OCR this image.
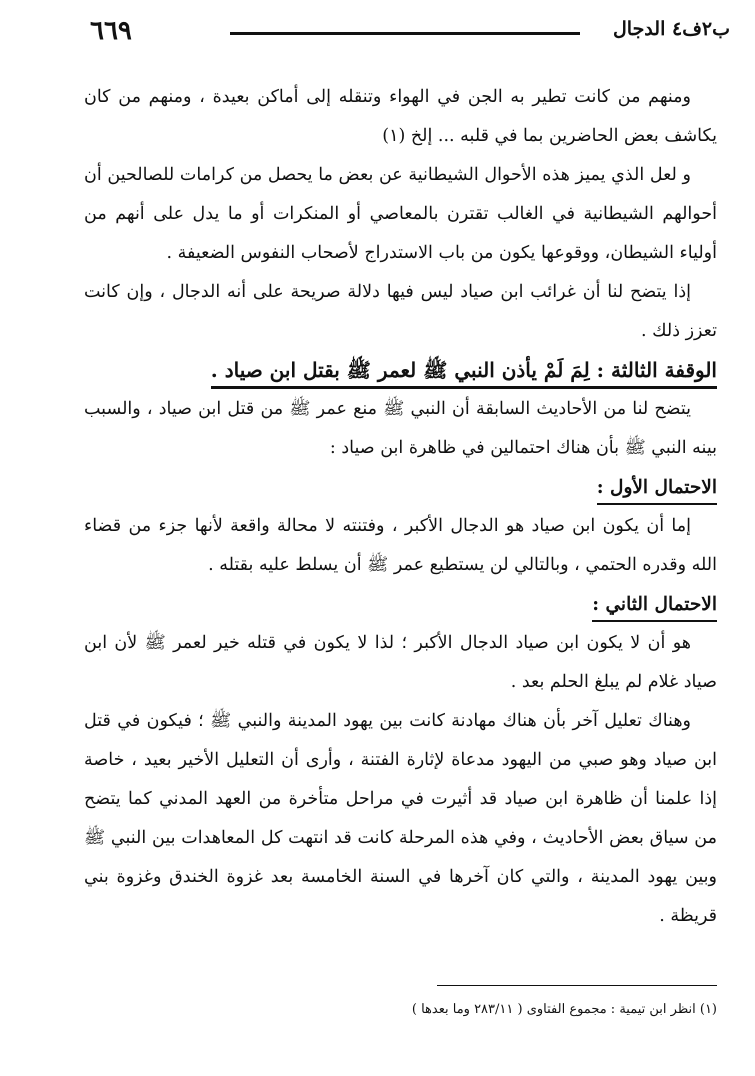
٦٦٩	ب٢ف٤ الدجال

ومنهم من كانت تطير به الجن في الهواء وتنقله إلى أماكن بعيدة ، ومنهم من كان يكاشف بعض الحاضرين بما في قلبه ... إلخ (١)

و لعل الذي يميز هذه الأحوال الشيطانية عن بعض ما يحصل من كرامات للصالحين أن أحوالهم الشيطانية في الغالب تقترن بالمعاصي أو المنكرات أو ما يدل على أنهم من أولياء الشيطان، ووقوعها يكون من باب الاستدراج لأصحاب النفوس الضعيفة .

إذا يتضح لنا أن غرائب ابن صياد ليس فيها دلالة صريحة على أنه الدجال ، وإن كانت تعزز ذلك .

الوقفة الثالثة : لِمَ لَمْ يأذن النبي ﷺ لعمر ﷺ بقتل ابن صياد .

يتضح لنا من الأحاديث السابقة أن النبي ﷺ منع عمر ﷺ من قتل ابن صياد ، والسبب بينه النبي ﷺ بأن هناك احتمالين في ظاهرة ابن صياد :

الاحتمال الأول :

إما أن يكون ابن صياد هو الدجال الأكبر ، وفتنته لا محالة واقعة لأنها جزء من قضاء الله وقدره الحتمي ، وبالتالي لن يستطيع عمر ﷺ أن يسلط عليه بقتله .

الاحتمال الثاني :

هو أن لا يكون ابن صياد الدجال الأكبر ؛ لذا لا يكون في قتله خير لعمر ﷺ لأن ابن صياد غلام لم يبلغ الحلم بعد .

وهناك تعليل آخر بأن هناك مهادنة كانت بين يهود المدينة والنبي ﷺ ؛ فيكون في قتل ابن صياد وهو صبي من اليهود مدعاة لإثارة الفتنة ، وأرى أن التعليل الأخير بعيد ، خاصة إذا علمنا أن ظاهرة ابن صياد قد أثيرت في مراحل متأخرة من العهد المدني كما يتضح من سياق بعض الأحاديث ، وفي هذه المرحلة كانت قد انتهت كل المعاهدات بين النبي ﷺ وبين يهود المدينة ، والتي كان آخرها في السنة الخامسة بعد غزوة الخندق وغزوة بني قريظة .

(١) انظر ابن تيمية : مجموع الفتاوى ( ٢٨٣/١١ وما بعدها )
